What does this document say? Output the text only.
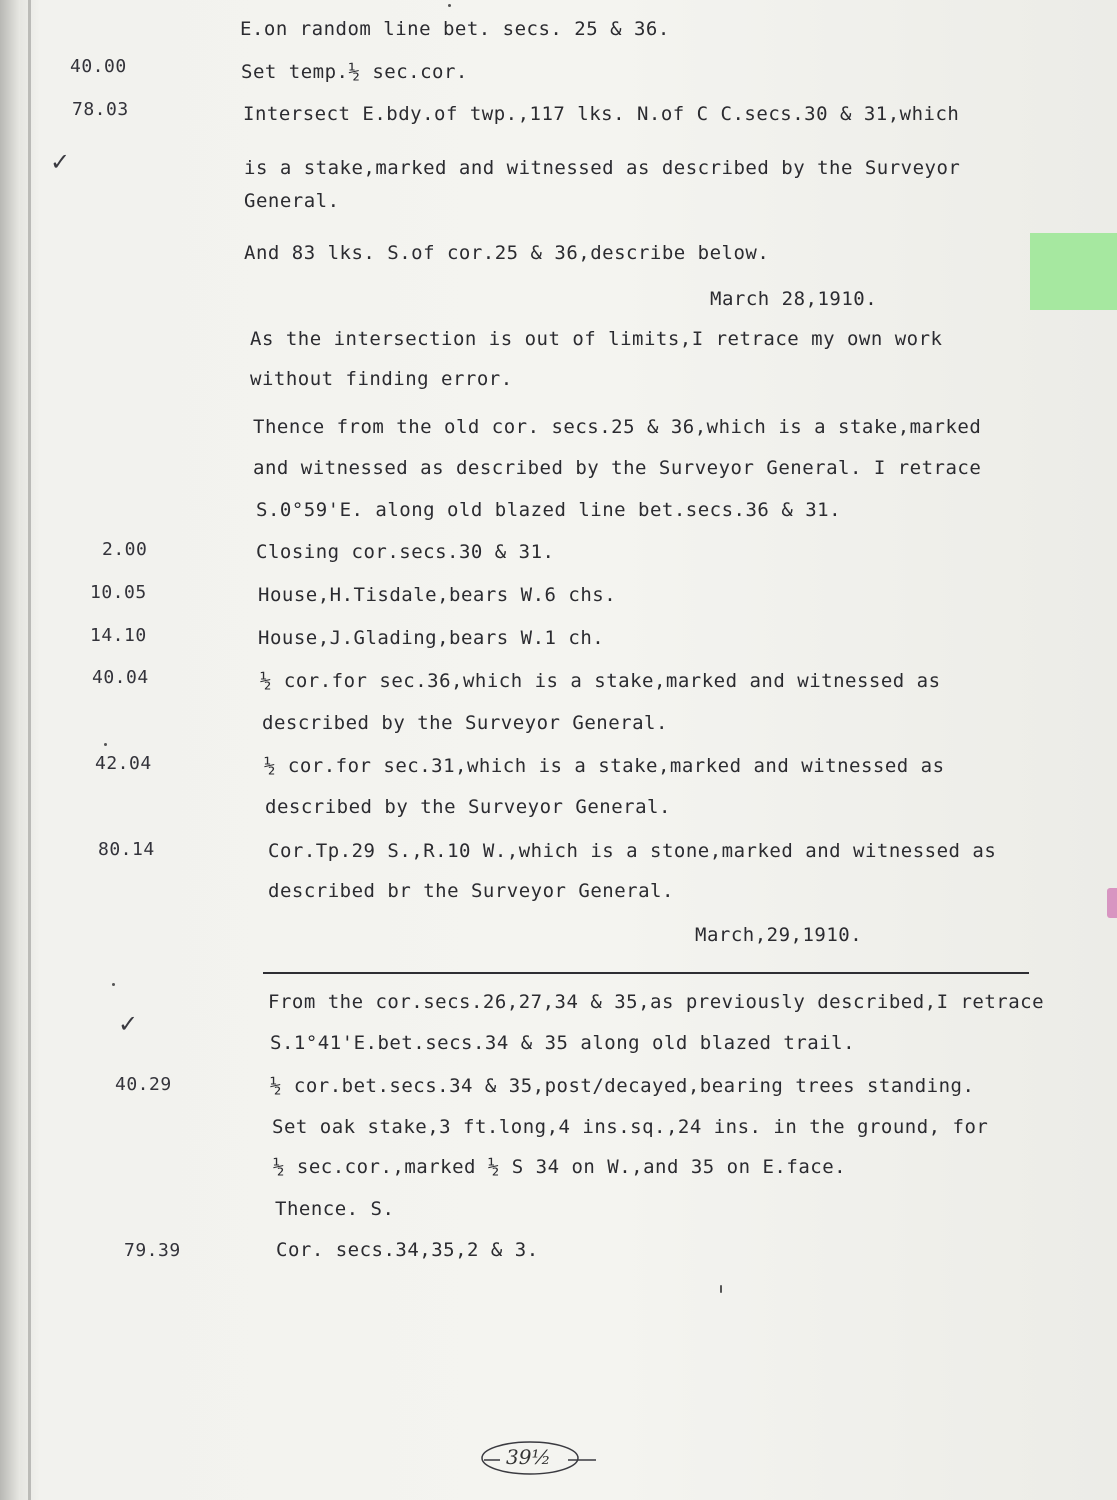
E.on random line bet. secs. 25 & 36.
40.00	Set temp.½ sec.cor.
78.03	Intersect E.bdy.of twp.,117 lks. N.of C C.secs.30 & 31,which
✓	is a stake,marked and witnessed as described by the Surveyor
General.
And 83 lks. S.of cor.25 & 36,describe below.
March 28,1910.
As the intersection is out of limits,I retrace my own work
without finding error.
Thence from the old cor. secs.25 & 36,which is a stake,marked
and witnessed as described by the Surveyor General. I retrace
S.0°59'E. along old blazed line bet.secs.36 & 31.
2.00	Closing cor.secs.30 & 31.
10.05	House,H.Tisdale,bears W.6 chs.
14.10	House,J.Glading,bears W.1 ch.
40.04	½ cor.for sec.36,which is a stake,marked and witnessed as
described by the Surveyor General.
42.04	½ cor.for sec.31,which is a stake,marked and witnessed as
described by the Surveyor General.
80.14	Cor.Tp.29 S.,R.10 W.,which is a stone,marked and witnessed as
described br the Surveyor General.
March,29,1910.
From the cor.secs.26,27,34 & 35,as previously described,I retrace
✓
S.1°41'E.bet.secs.34 & 35 along old blazed trail.
40.29	½ cor.bet.secs.34 & 35,post/decayed,bearing trees standing.
Set oak stake,3 ft.long,4 ins.sq.,24 ins. in the ground, for
½ sec.cor.,marked ½ S 34 on W.,and 35 on E.face.
Thence. S.
79.39	Cor. secs.34,35,2 & 3.
39½
